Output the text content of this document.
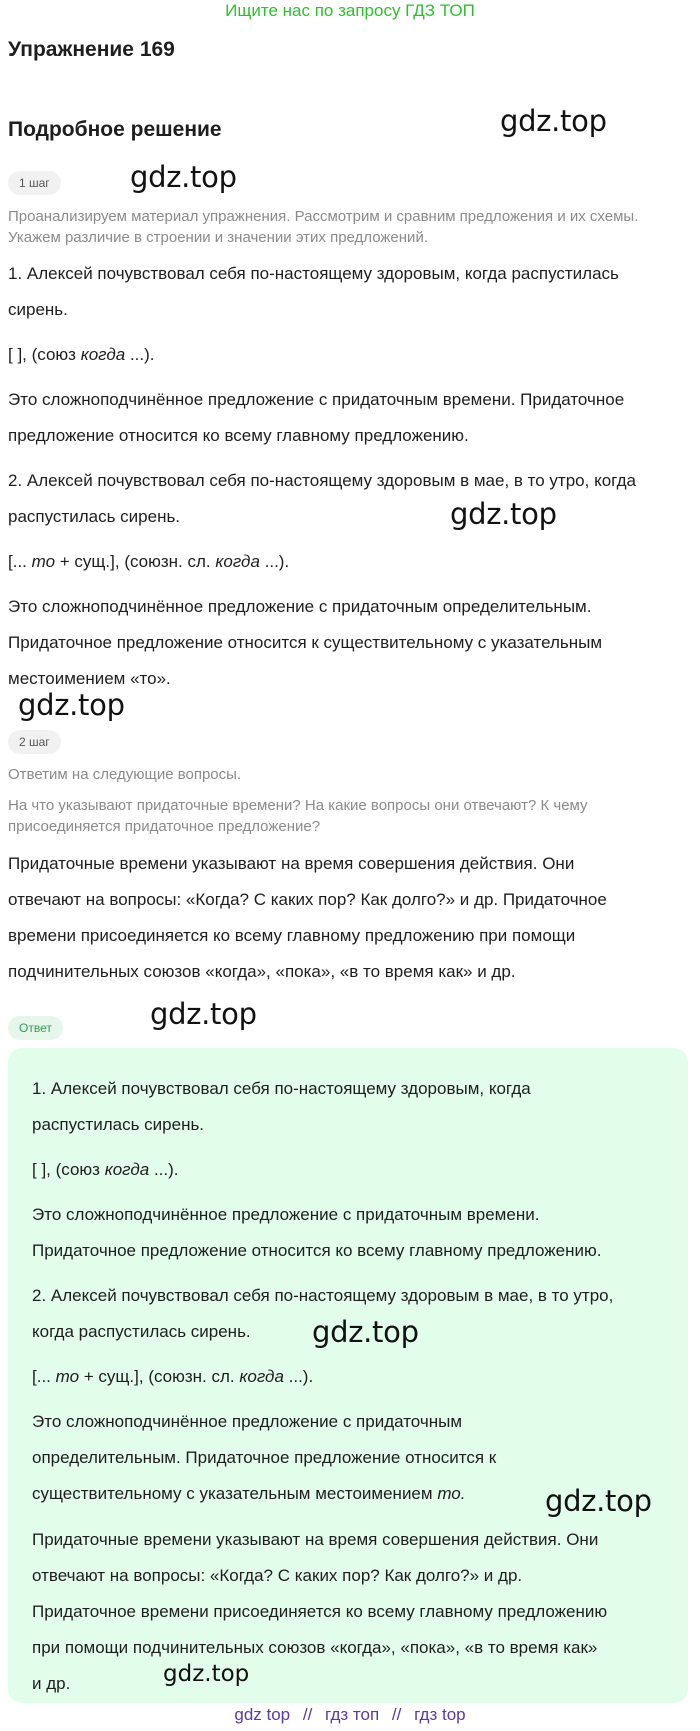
Ищите нас по запросу ГДЗ ТОП
Упражнение 169
Подробное решение	gdz.top
1 шаг	gdz.top
Проанализируем материал упражнения. Рассмотрим и сравним предложения и их схемы. Укажем различие в строении и значении этих предложений.
1. Алексей почувствовал себя по-настоящему здоровым, когда распустилась
сирень.
[ ], (союз когда ...).
Это сложноподчинённое предложение с придаточным времени. Придаточное
предложение относится ко всему главному предложению.
2. Алексей почувствовал себя по-настоящему здоровым в мае, в то утро, когда
распустилась сирень.	gdz.top
[... то + сущ.], (союзн. сл. когда ...).
Это сложноподчинённое предложение с придаточным определительным.
Придаточное предложение относится к существительному с указательным
местоимением «то».
gdz.top
2 шаг
Ответим на следующие вопросы.
На что указывают придаточные времени? На какие вопросы они отвечают? К чему присоединяется придаточное предложение?
Придаточные времени указывают на время совершения действия. Они
отвечают на вопросы: «Когда? С каких пор? Как долго?» и др. Придаточное
времени присоединяется ко всему главному предложению при помощи
подчинительных союзов «когда», «пока», «в то время как» и др.
Ответ	gdz.top
1. Алексей почувствовал себя по-настоящему здоровым, когда
распустилась сирень.
[ ], (союз когда ...).
Это сложноподчинённое предложение с придаточным времени.
Придаточное предложение относится ко всему главному предложению.
2. Алексей почувствовал себя по-настоящему здоровым в мае, в то утро,
когда распустилась сирень.	gdz.top
[... то + сущ.], (союзн. сл. когда ...).
Это сложноподчинённое предложение с придаточным
определительным. Придаточное предложение относится к
существительному с указательным местоимением то.	gdz.top
Придаточные времени указывают на время совершения действия. Они
отвечают на вопросы: «Когда? С каких пор? Как долго?» и др.
Придаточное времени присоединяется ко всему главному предложению
при помощи подчинительных союзов «когда», «пока», «в то время как»
и др.	gdz.top
gdz top // гдз топ // гдз top
